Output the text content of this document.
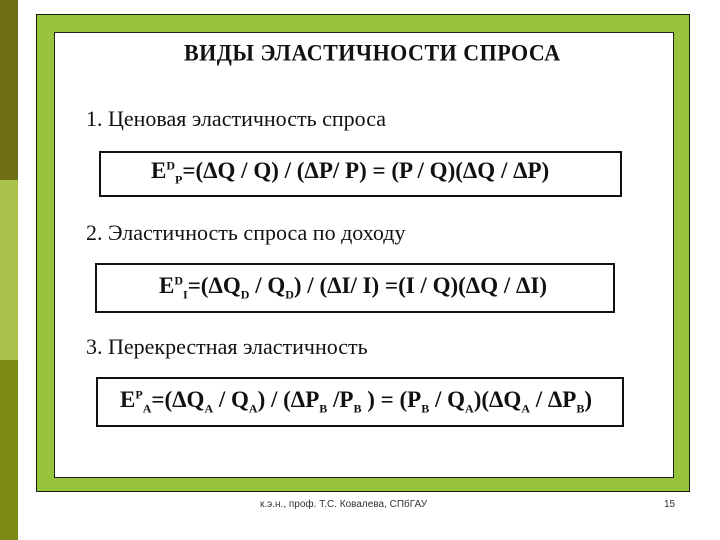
ВИДЫ ЭЛАСТИЧНОСТИ СПРОСА
1. Ценовая эластичность спроса
$E^D_P=(\Delta Q / Q) / (\Delta P/$ P) = (P / Q)(ΔQ / ΔP)
2. Эластичность спроса по доходу
$E^D_I=(\Delta Q_D / Q_D) / (\Delta I/$ I) =(I / Q)(ΔQ / ΔI)
3. Перекрестная эластичность
$E^P_A=(\Delta Q_A / Q_A) / (\Delta P_B$ $/P_B$ ) = $(P_B / Q_A)(\Delta Q_A / \Delta P_B)$
к.э.н., проф. Т.С. Ковалева, СПбГАУ	15
